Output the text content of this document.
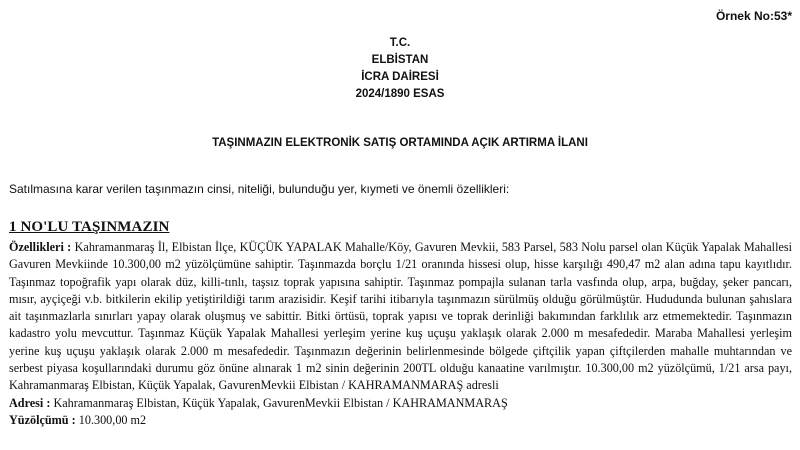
Örnek No:53*
T.C.
ELBİSTAN
İCRA DAİRESİ
2024/1890 ESAS
TAŞINMAZIN ELEKTRONİK SATIŞ ORTAMINDA AÇIK ARTIRMA İLANI
Satılmasına karar verilen taşınmazın cinsi, niteliği, bulunduğu yer, kıymeti ve önemli özellikleri:
1 NO'LU TAŞINMAZIN

Özellikleri : Kahramanmaraş İl, Elbistan İlçe, KÜÇÜK YAPALAK Mahalle/Köy, Gavuren Mevkii, 583 Parsel, 583 Nolu parsel olan Küçük Yapalak Mahallesi Gavuren Mevkiinde 10.300,00 m2 yüzölçümüne sahiptir. Taşınmazda borçlu 1/21 oranında hissesi olup, hisse karşılığı 490,47 m2 alan adına tapu kayıtlıdır. Taşınmaz topoğrafik yapı olarak düz, killi-tınlı, taşsız toprak yapısına sahiptir. Taşınmaz pompajla sulanan tarla vasfında olup, arpa, buğday, şeker pancarı, mısır, ayçiçeği v.b. bitkilerin ekilip yetiştirildiği tarım arazisidir. Keşif tarihi itibarıyla taşınmazın sürülmüş olduğu görülmüştür. Hududunda bulunan şahıslara ait taşınmazlarla sınırları yapay olarak oluşmuş ve sabittir. Bitki örtüsü, toprak yapısı ve toprak derinliği bakımından farklılık arz etmemektedir. Taşınmazın kadastro yolu mevcuttur. Taşınmaz Küçük Yapalak Mahallesi yerleşim yerine kuş uçuşu yaklaşık olarak 2.000 m mesafededir. Maraba Mahallesi yerleşim yerine kuş uçuşu yaklaşık olarak 2.000 m mesafededir. Taşınmazın değerinin belirlenmesinde bölgede çiftçilik yapan çiftçilerden mahalle muhtarından ve serbest piyasa koşullarındaki durumu göz önüne alınarak 1 m2 sinin değerinin 200TL olduğu kanaatine varılmıştır. 10.300,00 m2 yüzölçümü, 1/21 arsa payı, Kahramanmaraş Elbistan, Küçük Yapalak, GavurenMevkii Elbistan / KAHRAMANMARAŞ adresli

Adresi : Kahramanmaraş Elbistan, Küçük Yapalak, GavurenMevkii Elbistan / KAHRAMANMARAŞ

Yüzölçümü : 10.300,00 m2
